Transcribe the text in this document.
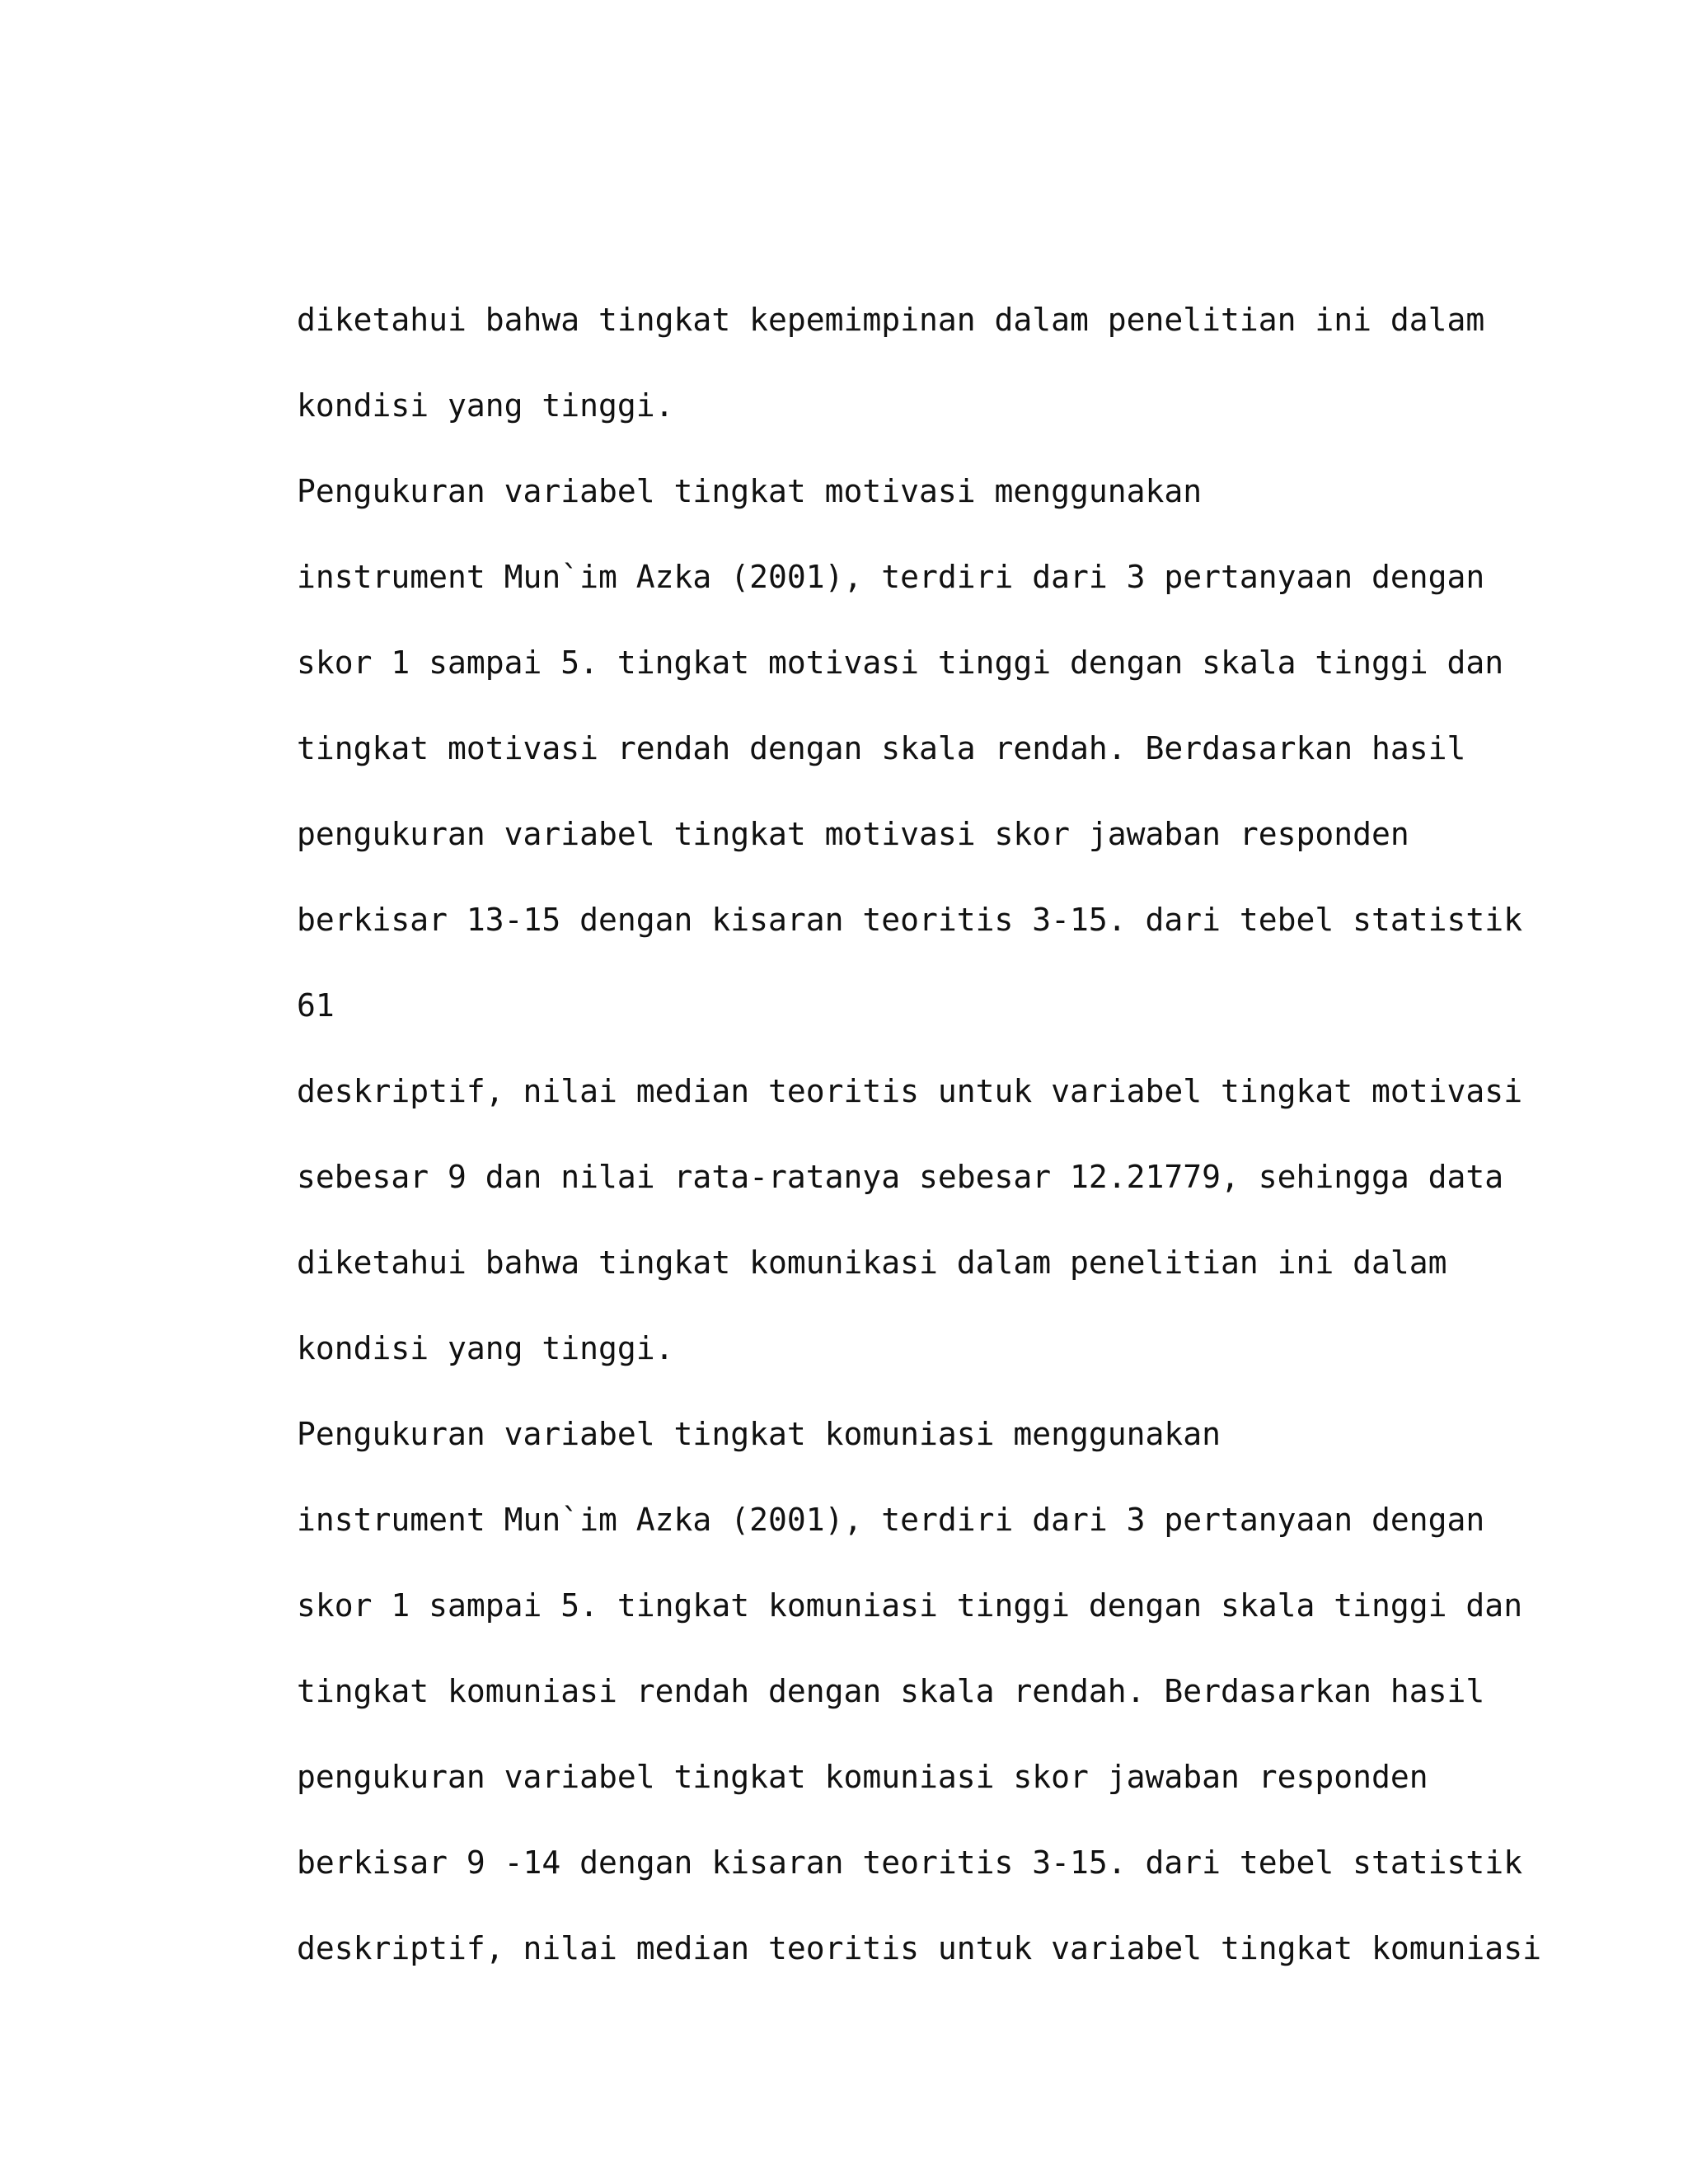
diketahui bahwa tingkat kepemimpinan dalam penelitian ini dalam
kondisi yang tinggi.
Pengukuran variabel tingkat motivasi menggunakan
instrument Mun`im Azka (2001), terdiri dari 3 pertanyaan dengan
skor 1 sampai 5. tingkat motivasi tinggi dengan skala tinggi dan
tingkat motivasi rendah dengan skala rendah. Berdasarkan hasil
pengukuran variabel tingkat motivasi skor jawaban responden
berkisar 13-15 dengan kisaran teoritis 3-15. dari tebel statistik
61
deskriptif, nilai median teoritis untuk variabel tingkat motivasi
sebesar 9 dan nilai rata-ratanya sebesar 12.21779, sehingga data
diketahui bahwa tingkat komunikasi dalam penelitian ini dalam
kondisi yang tinggi.
Pengukuran variabel tingkat komuniasi menggunakan
instrument Mun`im Azka (2001), terdiri dari 3 pertanyaan dengan
skor 1 sampai 5. tingkat komuniasi tinggi dengan skala tinggi dan
tingkat komuniasi rendah dengan skala rendah. Berdasarkan hasil
pengukuran variabel tingkat komuniasi skor jawaban responden
berkisar 9 -14 dengan kisaran teoritis 3-15. dari tebel statistik
deskriptif, nilai median teoritis untuk variabel tingkat komuniasi
